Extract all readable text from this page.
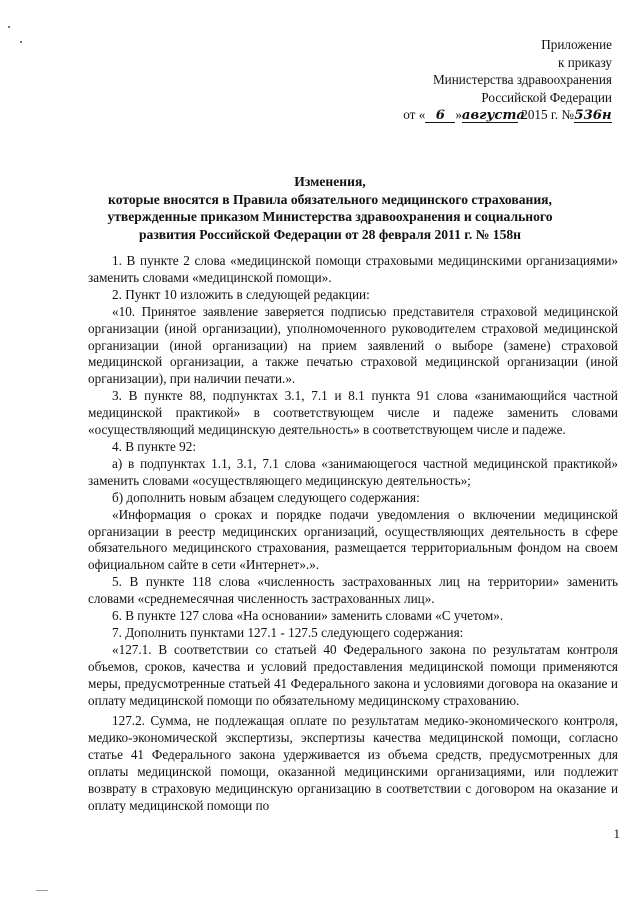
Приложение
к приказу
Министерства здравоохранения
Российской Федерации
от « 6 »августа 2015 г. №536н
Изменения,
которые вносятся в Правила обязательного медицинского страхования,
утвержденные приказом Министерства здравоохранения и социального
развития Российской Федерации от 28 февраля 2011 г. № 158н

1. В пункте 2 слова «медицинской помощи страховыми медицинскими организациями» заменить словами «медицинской помощи».

2. Пункт 10 изложить в следующей редакции:

«10. Принятое заявление заверяется подписью представителя страховой медицинской организации (иной организации), уполномоченного руководителем страховой медицинской организации (иной организации) на прием заявлений о выборе (замене) страховой медицинской организации, а также печатью страховой медицинской организации (иной организации), при наличии печати.».

3. В пункте 88, подпунктах 3.1, 7.1 и 8.1 пункта 91 слова «занимающийся частной медицинской практикой» в соответствующем числе и падеже заменить словами «осуществляющий медицинскую деятельность» в соответствующем числе и падеже.

4. В пункте 92:

а) в подпунктах 1.1, 3.1, 7.1 слова «занимающегося частной медицинской практикой» заменить словами «осуществляющего медицинскую деятельность»;

б) дополнить новым абзацем следующего содержания:

«Информация о сроках и порядке подачи уведомления о включении медицинской организации в реестр медицинских организаций, осуществляющих деятельность в сфере обязательного медицинского страхования, размещается территориальным фондом на своем официальном сайте в сети «Интернет».».

5. В пункте 118 слова «численность застрахованных лиц на территории» заменить словами «среднемесячная численность застрахованных лиц».

6. В пункте 127 слова «На основании» заменить словами «С учетом».

7. Дополнить пунктами 127.1 - 127.5 следующего содержания:

«127.1. В соответствии со статьей 40 Федерального закона по результатам контроля объемов, сроков, качества и условий предоставления медицинской помощи применяются меры, предусмотренные статьей 41 Федерального закона и условиями договора на оказание и оплату медицинской помощи по обязательному медицинскому страхованию.

127.2. Сумма, не подлежащая оплате по результатам медико-экономического контроля, медико-экономической экспертизы, экспертизы качества медицинской помощи, согласно статье 41 Федерального закона удерживается из объема средств, предусмотренных для оплаты медицинской помощи, оказанной медицинскими организациями, или подлежит возврату в страховую медицинскую организацию в соответствии с договором на оказание и оплату медицинской помощи по

1
